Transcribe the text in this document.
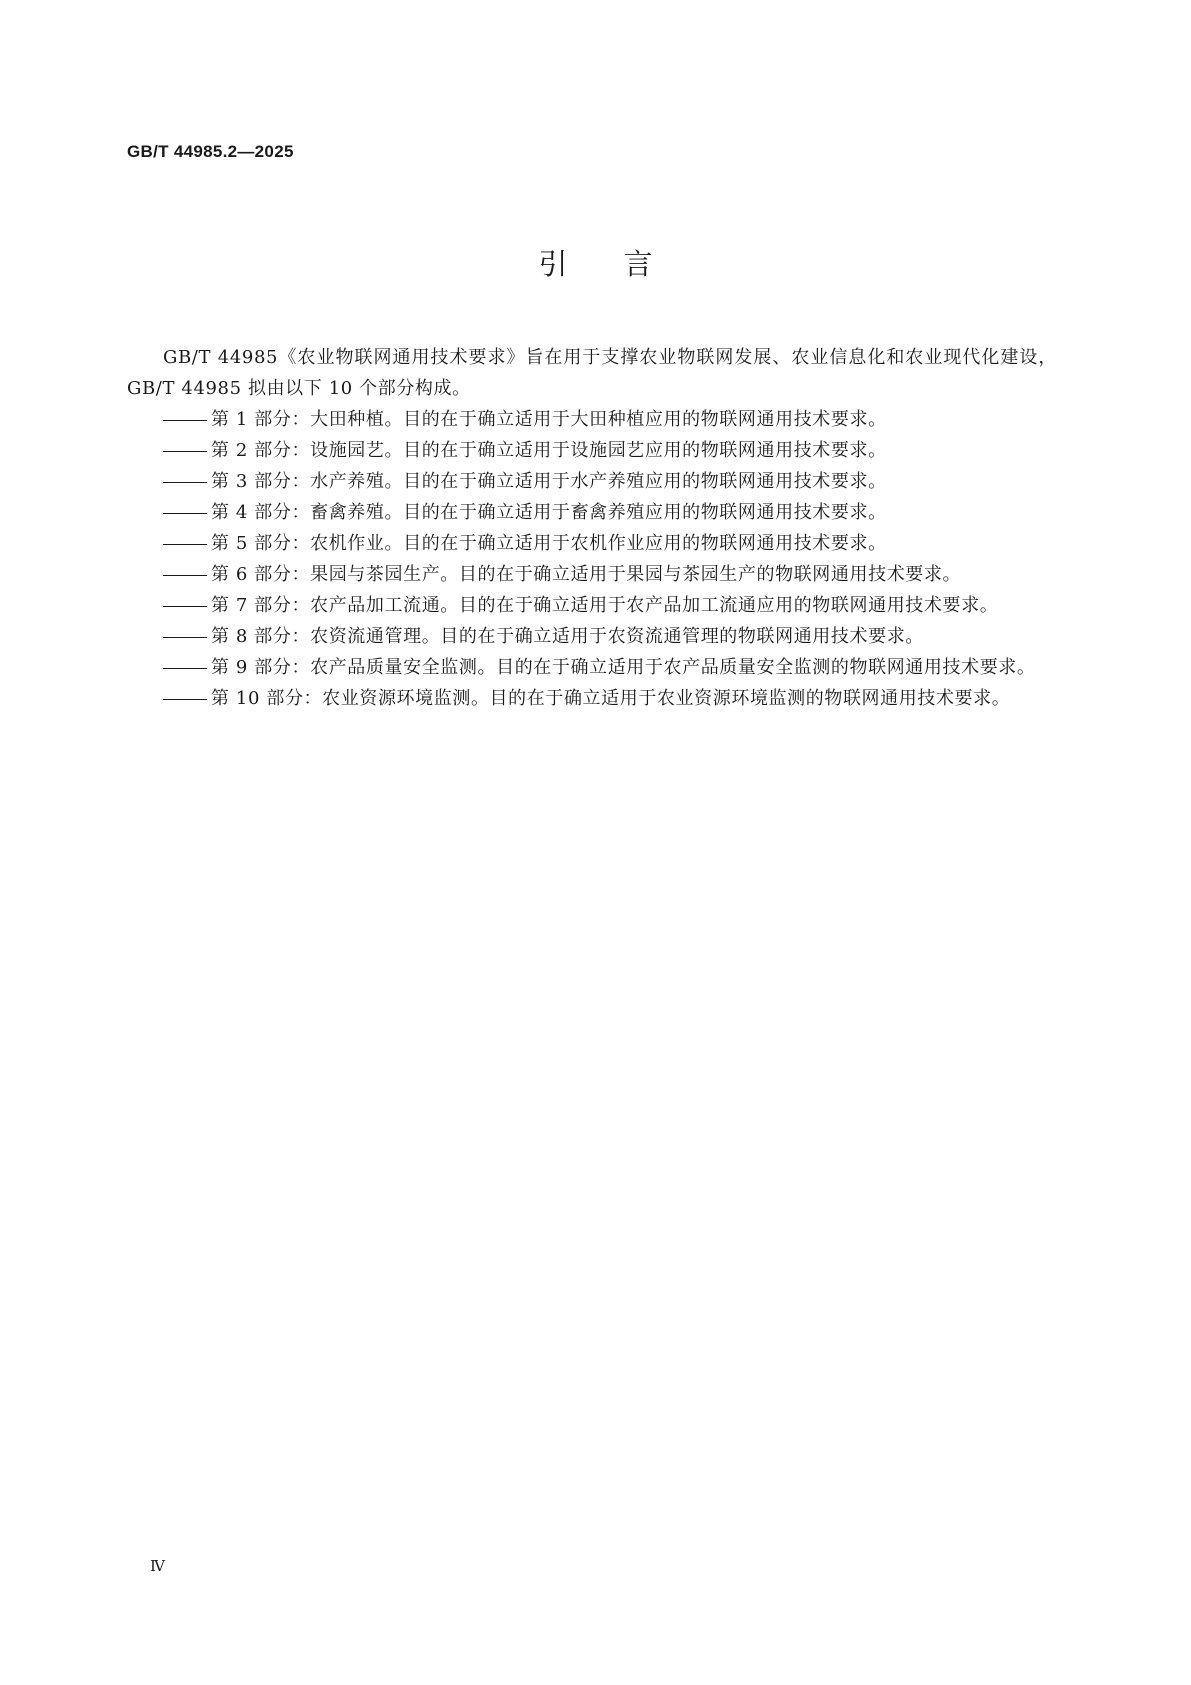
GB/T 44985.2—2025
引言

GB/T 44985《农业物联网通用技术要求》旨在用于支撑农业物联网发展、农业信息化和农业现代化建设，GB/T 44985 拟由以下 10 个部分构成。

第 1 部分：大田种植。目的在于确立适用于大田种植应用的物联网通用技术要求。
第 2 部分：设施园艺。目的在于确立适用于设施园艺应用的物联网通用技术要求。
第 3 部分：水产养殖。目的在于确立适用于水产养殖应用的物联网通用技术要求。
第 4 部分：畜禽养殖。目的在于确立适用于畜禽养殖应用的物联网通用技术要求。
第 5 部分：农机作业。目的在于确立适用于农机作业应用的物联网通用技术要求。
第 6 部分：果园与茶园生产。目的在于确立适用于果园与茶园生产的物联网通用技术要求。
第 7 部分：农产品加工流通。目的在于确立适用于农产品加工流通应用的物联网通用技术要求。
第 8 部分：农资流通管理。目的在于确立适用于农资流通管理的物联网通用技术要求。
第 9 部分：农产品质量安全监测。目的在于确立适用于农产品质量安全监测的物联网通用技术要求。
第 10 部分：农业资源环境监测。目的在于确立适用于农业资源环境监测的物联网通用技术要求。
Ⅳ
